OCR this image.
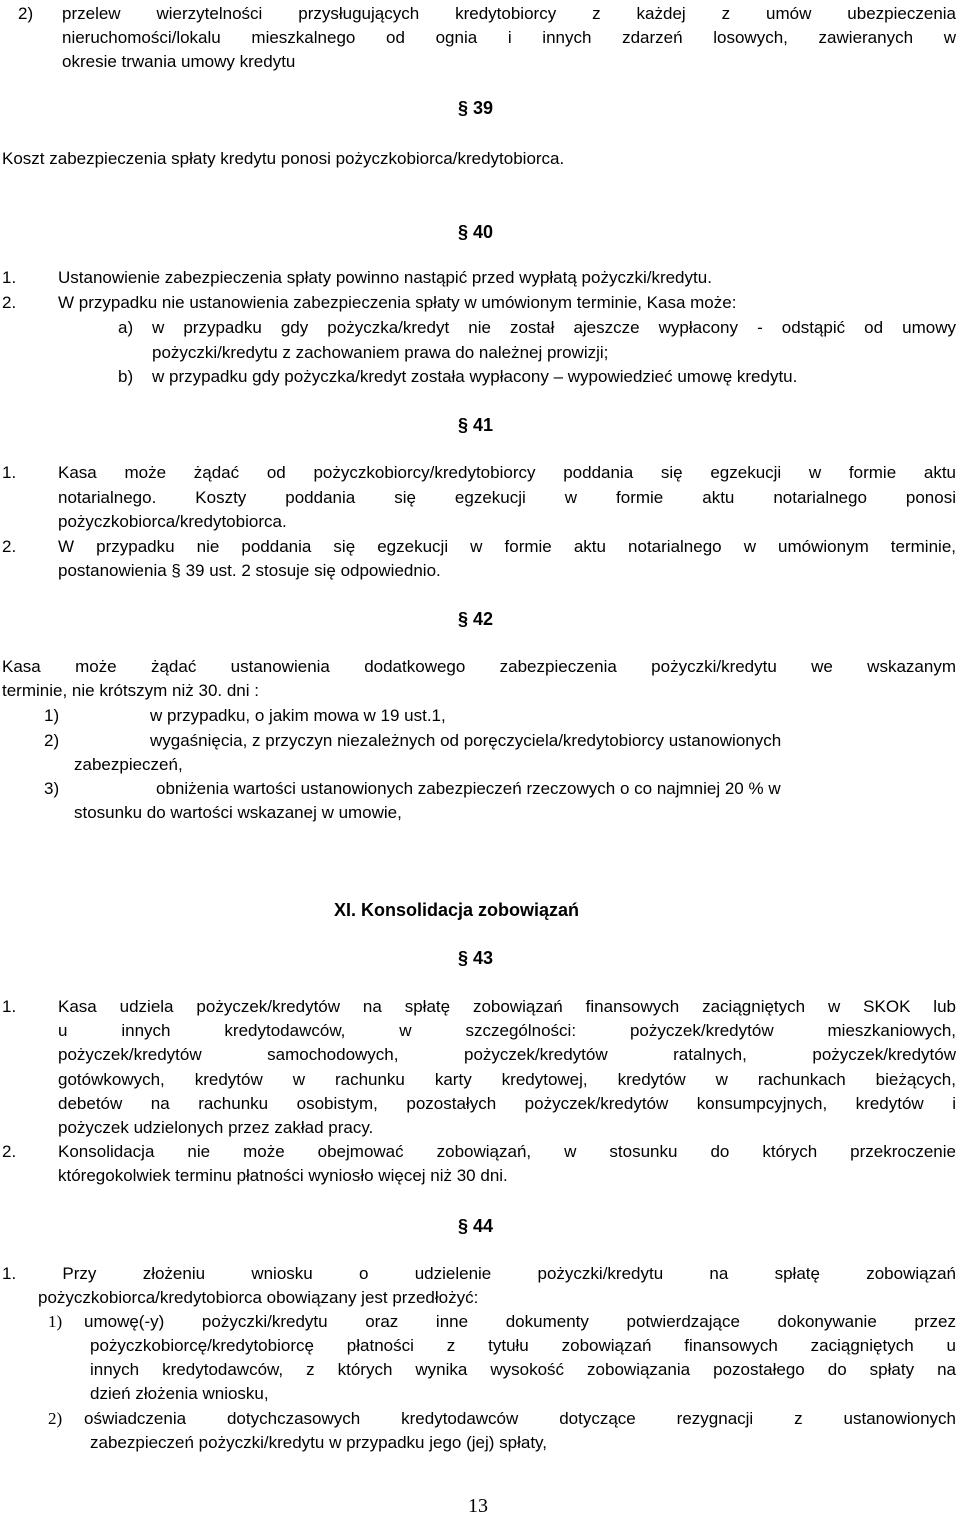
2) przelew wierzytelności przysługujących kredytobiorcy z każdej z umów ubezpieczenia
nieruchomości/lokalu mieszkalnego od ognia i innych zdarzeń losowych, zawieranych w
okresie trwania umowy kredytu
§ 39
Koszt zabezpieczenia spłaty kredytu ponosi pożyczkobiorca/kredytobiorca.
§ 40
1. Ustanowienie zabezpieczenia spłaty powinno nastąpić przed wypłatą pożyczki/kredytu.
2. W przypadku nie ustanowienia zabezpieczenia spłaty w umówionym terminie, Kasa może:
a) w przypadku gdy pożyczka/kredyt nie został ajeszcze wypłacony - odstąpić od umowy
pożyczki/kredytu z zachowaniem prawa do należnej prowizji;
b) w przypadku gdy pożyczka/kredyt została wypłacony – wypowiedzieć umowę kredytu.
§ 41
1. Kasa może żądać od pożyczkobiorcy/kredytobiorcy poddania się egzekucji w formie aktu
notarialnego. Koszty poddania się egzekucji w formie aktu notarialnego ponosi
pożyczkobiorca/kredytobiorca.
2. W przypadku nie poddania się egzekucji w formie aktu notarialnego w umówionym terminie,
postanowienia § 39 ust. 2 stosuje się odpowiednio.
§ 42
Kasa może żądać ustanowienia dodatkowego zabezpieczenia pożyczki/kredytu we wskazanym
terminie, nie krótszym niż 30. dni :
1)	w przypadku, o jakim mowa w 19 ust.1,
2)	wygaśnięcia, z przyczyn niezależnych od poręczyciela/kredytobiorcy ustanowionych
zabezpieczeń,
3)	obniżenia wartości ustanowionych zabezpieczeń rzeczowych o co najmniej 20 % w
stosunku do wartości wskazanej w umowie,
XI. Konsolidacja zobowiązań
§ 43
1. Kasa udziela pożyczek/kredytów na spłatę zobowiązań finansowych zaciągniętych w SKOK lub
u innych kredytodawców, w szczególności: pożyczek/kredytów mieszkaniowych,
pożyczek/kredytów samochodowych, pożyczek/kredytów ratalnych, pożyczek/kredytów
gotówkowych, kredytów w rachunku karty kredytowej, kredytów w rachunkach bieżących,
debetów na rachunku osobistym, pozostałych pożyczek/kredytów konsumpcyjnych, kredytów i
pożyczek udzielonych przez zakład pracy.
2. Konsolidacja nie może obejmować zobowiązań, w stosunku do których przekroczenie
któregokolwiek terminu płatności wyniosło więcej niż 30 dni.
§ 44
1. Przy złożeniu wniosku o udzielenie pożyczki/kredytu na spłatę zobowiązań
pożyczkobiorca/kredytobiorca obowiązany jest przedłożyć:
1) umowę(-y) pożyczki/kredytu oraz inne dokumenty potwierdzające dokonywanie przez
pożyczkobiorcę/kredytobiorcę płatności z tytułu zobowiązań finansowych zaciągniętych u
innych kredytodawców, z których wynika wysokość zobowiązania pozostałego do spłaty na
dzień złożenia wniosku,
2) oświadczenia dotychczasowych kredytodawców dotyczące rezygnacji z ustanowionych
zabezpieczeń pożyczki/kredytu w przypadku jego (jej) spłaty,
13
